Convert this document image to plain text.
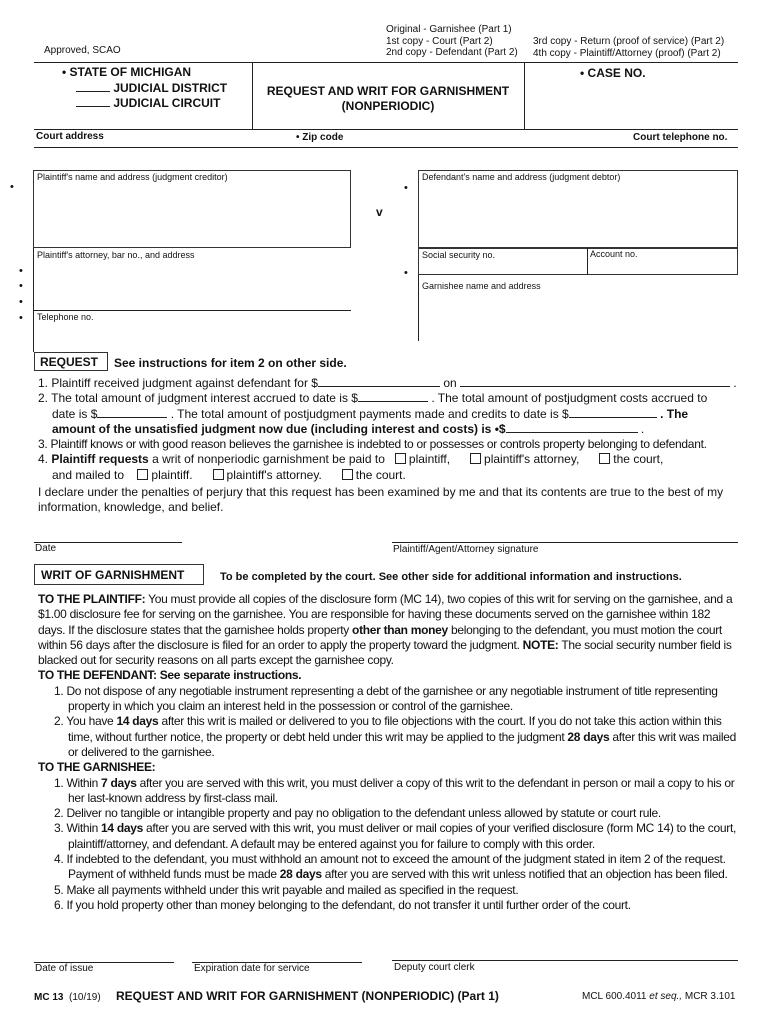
Approved, SCAO
Original - Garnishee (Part 1)
1st copy - Court (Part 2)
2nd copy - Defendant (Part 2)
3rd copy - Return (proof of service) (Part 2)
4th copy - Plaintiff/Attorney (proof) (Part 2)
• STATE OF MICHIGAN
JUDICIAL DISTRICT
JUDICIAL CIRCUIT
REQUEST AND WRIT FOR GARNISHMENT
(NONPERIODIC)
• CASE NO.
Court address	• Zip code	Court telephone no.
Plaintiff's name and address (judgment creditor)
•
v
Defendant's name and address (judgment debtor)
•
Plaintiff's attorney, bar no., and address
•
•
•
• Telephone no.
Social security no.	Account no.
•
Garnishee name and address
REQUEST See instructions for item 2 on other side.
1. Plaintiff received judgment against defendant for $	on	.
2. The total amount of judgment interest accrued to date is $	. The total amount of postjudgment costs accrued to
date is $	. The total amount of postjudgment payments made and credits to date is $	. The
amount of the unsatisfied judgment now due (including interest and costs) is •$	.
3. Plaintiff knows or with good reason believes the garnishee is indebted to or possesses or controls property belonging to defendant.
4. Plaintiff requests a writ of nonperiodic garnishment be paid to plaintiff,	plaintiff's attorney,	the court,
and mailed to plaintiff.	plaintiff's attorney.	the court.
I declare under the penalties of perjury that this request has been examined by me and that its contents are true to the best of my information, knowledge, and belief.
Date	Plaintiff/Agent/Attorney signature
WRIT OF GARNISHMENT	To be completed by the court. See other side for additional information and instructions.
TO THE PLAINTIFF: You must provide all copies of the disclosure form (MC 14), two copies of this writ for serving on the garnishee, and a $1.00 disclosure fee for serving on the garnishee. You are responsible for having these documents served on the garnishee within 182 days. If the disclosure states that the garnishee holds property other than money belonging to the defendant, you must motion the court within 56 days after the disclosure is filed for an order to apply the property toward the judgment. NOTE: The social security number field is blacked out for security reasons on all parts except the garnishee copy.
TO THE DEFENDANT: See separate instructions.
1. Do not dispose of any negotiable instrument representing a debt of the garnishee or any negotiable instrument of title representing property in which you claim an interest held in the possession or control of the garnishee.
2. You have 14 days after this writ is mailed or delivered to you to file objections with the court. If you do not take this action within this time, without further notice, the property or debt held under this writ may be applied to the judgment 28 days after this writ was mailed or delivered to the garnishee.
TO THE GARNISHEE:
1. Within 7 days after you are served with this writ, you must deliver a copy of this writ to the defendant in person or mail a copy to his or her last-known address by first-class mail.
2. Deliver no tangible or intangible property and pay no obligation to the defendant unless allowed by statute or court rule.
3. Within 14 days after you are served with this writ, you must deliver or mail copies of your verified disclosure (form MC 14) to the court, plaintiff/attorney, and defendant. A default may be entered against you for failure to comply with this order.
4. If indebted to the defendant, you must withhold an amount not to exceed the amount of the judgment stated in item 2 of the request. Payment of withheld funds must be made 28 days after you are served with this writ unless notified that an objection has been filed.
5. Make all payments withheld under this writ payable and mailed as specified in the request.
6. If you hold property other than money belonging to the defendant, do not transfer it until further order of the court.
Date of issue	Expiration date for service	Deputy court clerk
MC 13 (10/19) REQUEST AND WRIT FOR GARNISHMENT (NONPERIODIC) (Part 1)	MCL 600.4011 et seq., MCR 3.101
